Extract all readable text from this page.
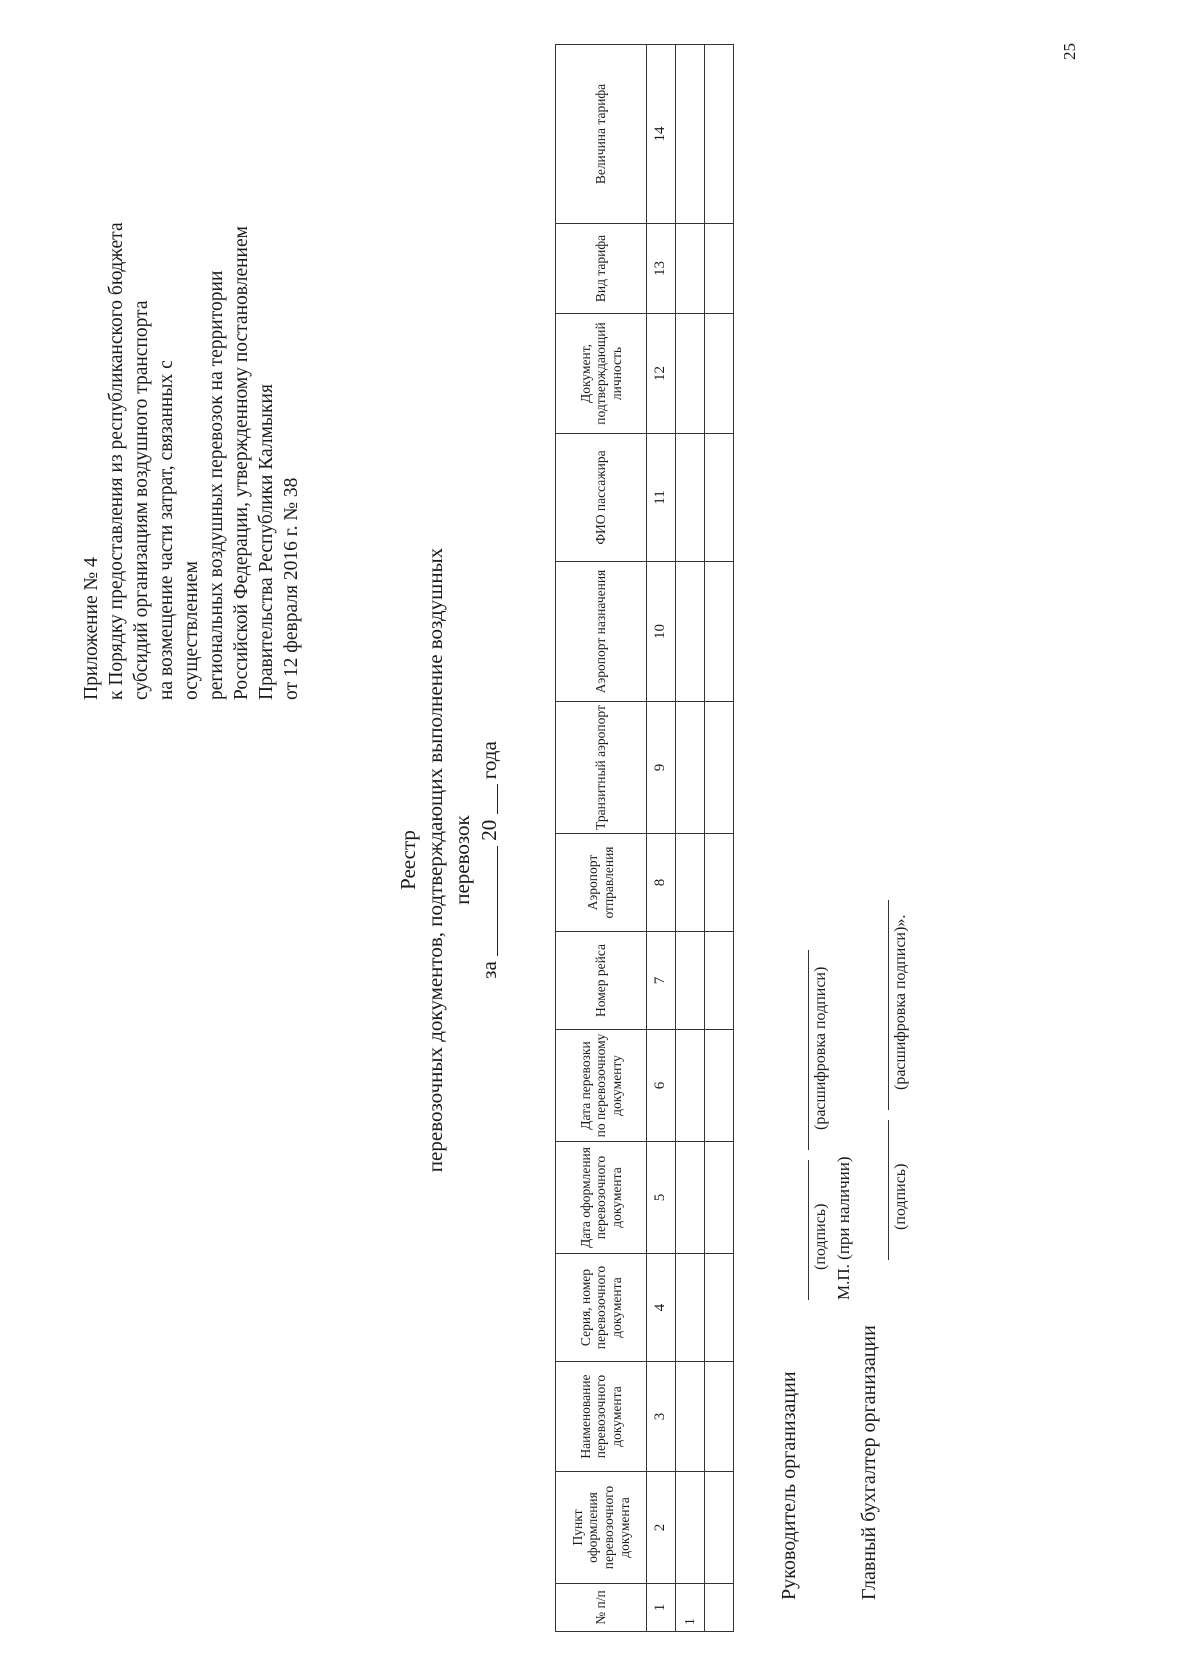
Приложение № 4 к Порядку предоставления из республиканского бюджета субсидий организациям воздушного транспорта на возмещение части затрат, связанных с осуществлением региональных воздушных перевозок на территории Российской Федерации, утвержденному постановлением Правительства Республики Калмыкия от 12 февраля 2016 г. № 38
Реестр перевозочных документов, подтверждающих выполнение воздушных перевозок
за  20  года
№ п/п	Пункт оформления перевозочного документа	Наименование перевозочного документа	Серия, номер перевозочного документа	Дата оформления перевозочного документа	Дата перевозки по перевозочному документу	Номер рейса	Аэропорт отправления	Транзитный аэропорт	Аэропорт назначения	ФИО пассажира	Документ, подтверждающий личность	Вид тарифа	Величина тарифа
1	2	3	4	5	6	7	8	9	10	11	12	13	14
1													

Руководитель организации
(подпись)
(расшифровка подписи)
М.П. (при наличии)
Главный бухгалтер организации
(подпись)
(расшифровка подписи)».
25
